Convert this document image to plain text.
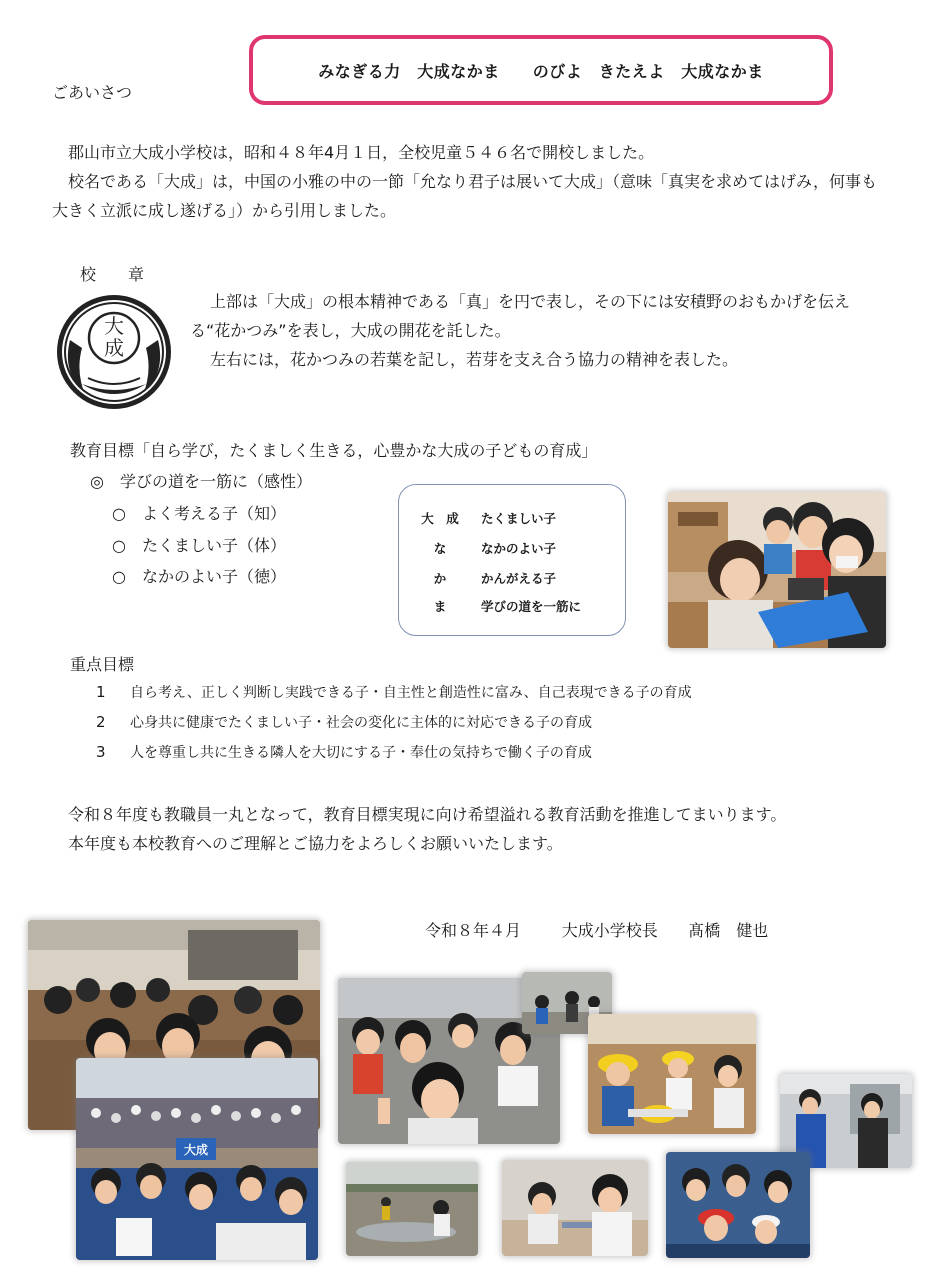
ごあいさつ
みなぎる力　大成なかま　　のびよ　きたえよ　大成なかま

郡山市立大成小学校は，昭和４８年4月１日，全校児童５４６名で開校しました。

校名である「大成」は，中国の小雅の中の一節「允なり君子は展いて大成」（意味「真実を求めてはげみ，何事も大きく立派に成し遂げる」）から引用しました。

校　章
大
成

上部は「大成」の根本精神である「真」を円で表し，その下には安積野のおもかげを伝える“花かつみ”を表し，大成の開花を託した。

左右には，花かつみの若葉を記し，若芽を支え合う協力の精神を表した。

教育目標「自ら学び，たくましく生きる，心豊かな大成の子どもの育成」
◎　学びの道を一筋に（感性）
○　よく考える子（知）
○　たくましい子（体）
○　なかのよい子（徳）
大　成 たくましい子
な	なかのよい子
か	かんがえる子
ま	学びの道を一筋に
重点目標
1 自ら考え、正しく判断し実践できる子・自主性と創造性に富み、自己表現できる子の育成
2 心身共に健康でたくましい子・社会の変化に主体的に対応できる子の育成
3 人を尊重し共に生きる隣人を大切にする子・奉仕の気持ちで働く子の育成

令和８年度も教職員一丸となって，教育目標実現に向け希望溢れる教育活動を推進してまいります。

本年度も本校教育へのご理解とご協力をよろしくお願いいたします。

令和８年４月	大成小学校長 髙橋　健也
大成
